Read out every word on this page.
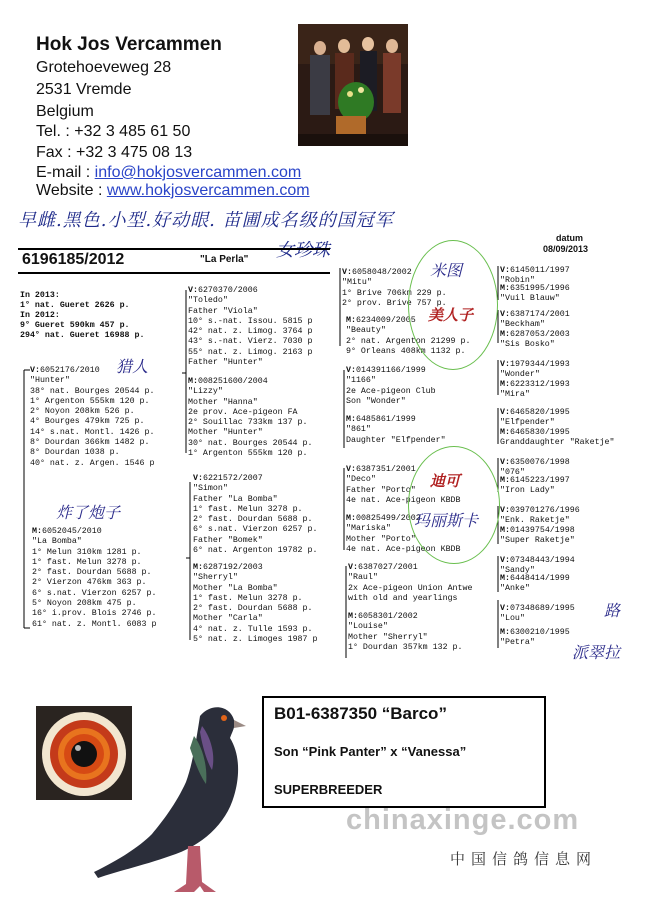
Hok Jos Vercammen
Grotehoeveweg 28
2531 Vremde
Belgium
Tel. : +32 3 485 61 50
Fax : +32 3 475 08 13
E-mail : info@hokjosvercammen.com
Website : www.hokjosvercammen.com
早雌.黑色.小型.好动眼. 苗圃成名级的国冠军
女珍珠
datum
08/09/2013
6196185/2012	"La Perla"

In 2013:
1° nat. Gueret 2626 p.
In 2012:
9° Gueret 590km 457 p.
294° nat. Gueret 16988 p.

V:6052176/2010
"Hunter"
38° nat. Bourges 20544 p.
1° Argenton 555km 120 p.
2° Noyon 208km 526 p.
4° Bourges 479km 725 p.
14° s.nat. Montl. 1426 p.
8° Dourdan 366km 1482 p.
8° Dourdan 1038 p.
40° nat. z. Argen. 1546 p
猎人
M:6052045/2010
"La Bomba"
1° Melun 310km 1281 p.
1° fast. Melun 3278 p.
2° fast. Dourdan 5688 p.
2° Vierzon 476km 363 p.
6° s.nat. Vierzon 6257 p.
5° Noyon 208km 475 p.
16° i.prov. Blois 2746 p.
61° nat. z. Montl. 6083 p
炸了炮子
V:6270370/2006
"Toledo"
Father "Viola"
10° s.-nat. Issou. 5815 p
42° nat. z. Limog. 3764 p
43° s.-nat. Vierz. 7030 p
55° nat. z. Limog. 2163 p
Father "Hunter"
M:008251600/2004
"Lizzy"
Mother "Hanna"
2e prov. Ace-pigeon FA
2° Souillac 733km 137 p.
Mother "Hunter"
30° nat. Bourges 20544 p.
1° Argenton 555km 120 p.
V:6221572/2007
"Simon"
Father "La Bomba"
1° fast. Melun 3278 p.
2° fast. Dourdan 5688 p.
6° s.nat. Vierzon 6257 p.
Father "Bomek"
6° nat. Argenton 19782 p.
M:6287192/2003
"Sherryl"
Mother "La Bomba"
1° fast. Melun 3278 p.
2° fast. Dourdan 5688 p.
Mother "Carla"
4° nat. z. Tulle 1593 p.
5° nat. z. Limoges 1987 p
V:6058048/2002
"Mitu"
1° Brive 706km 229 p.
2° prov. Brive 757 p.
M:6234009/2005
"Beauty"
2° nat. Argenton 21299 p.
9° Orleans 408km 1132 p.
V:014391166/1999
"1166"
2e Ace-pigeon Club
Son "Wonder"
M:6485861/1999
"861"
Daughter "Elfpender"
V:6387351/2001
"Deco"
Father "Porto"
4e nat. Ace-pigeon KBDB
M:00825499/2002
"Mariska"
Mother "Porto"
4e nat. Ace-pigeon KBDB
V:6387027/2001
"Raul"
2x Ace-pigeon Union Antwe
with old and yearlings
M:6058301/2002
"Louise"
Mother "Sherryl"
1° Dourdan 357km 132 p.
米图
美人子
迪可
玛丽斯卡
V:6145011/1997
"Robin"
M:6351995/1996
"Vuil Blauw"
V:6387174/2001
"Beckham"
M:6287053/2003
"Sis Bosko"
V:1979344/1993
"Wonder"
M:6223312/1993
"Mira"
V:6465820/1995
"Elfpender"
M:6465830/1995
Granddaughter "Raketje"
V:6350076/1998
"076"
M:6145223/1997
"Iron Lady"
V:039701276/1996
"Enk. Raketje"
M:01439754/1998
"Super Raketje"
V:07348443/1994
"Sandy"
M:6448414/1999
"Anke"
V:07348689/1995
"Lou"
M:6300210/1995
"Petra"
路
派翠拉
B01-6387350 “Barco”
Son “Pink Panter” x “Vanessa”
SUPERBREEDER
chinaxinge.com
中国信鸽信息网
